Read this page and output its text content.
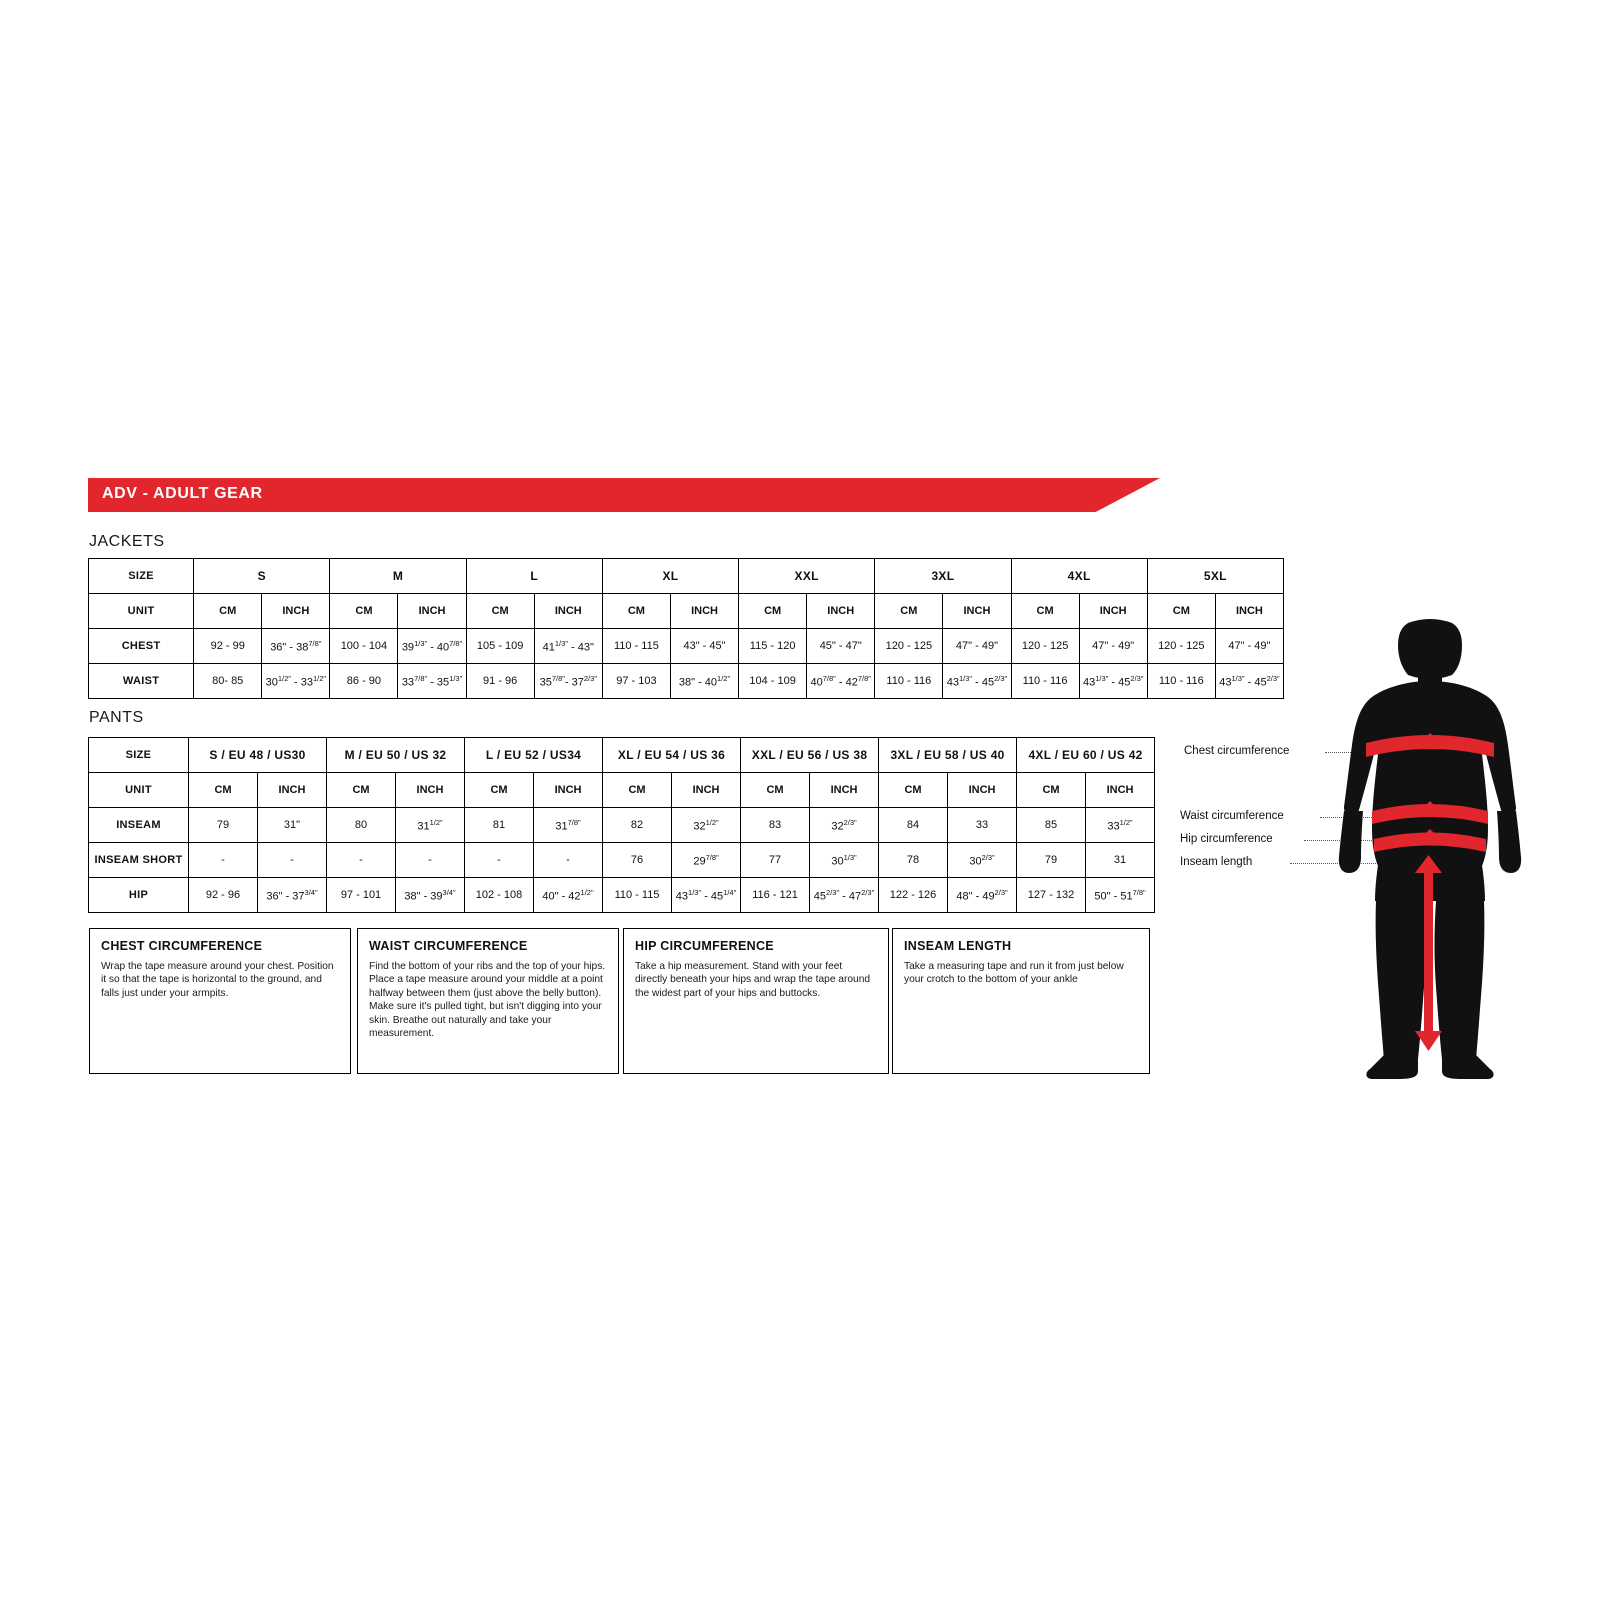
ADV - ADULT GEAR
JACKETS
PANTS
SIZE	S		M		L		XL		XXL		3XL		4XL		5XL	
UNIT	CM	INCH	CM	INCH	CM	INCH	CM	INCH	CM	INCH	CM	INCH	CM	INCH	CM	INCH
CHEST	92 - 99	36" - $38^{7/8"}$	100 - 104	$39^{1/3"} - 40^{7/8"}$	105 - 109	$41^{1/3"} - 43$"	110 - 115	43" - 45"	115 - 120	45" - 47"	120 - 125	47" - 49"	120 - 125	47" - 49"	120 - 125	47" - 49"
WAIST	80- 85	$30^{1/2"} - 33^{1/2"}$	86 - 90	$33^{7/8"} - 35^{1/3"}$	91 - 96	$35^{7/8"}-$ $37^{2/3"}$	97 - 103	38" - $40^{1/2"}$	104 - 109	$40^{7/8"} - 42^{7/8"}$	110 - 116	$43^{1/3"} - 45^{2/3"}$	110 - 116	$43^{1/3"} - 45^{2/3"}$	110 - 116	$43^{1/3"} - 45^{2/3"}$
SIZE	S / EU 48 / US30		M / EU 50 / US 32		L / EU 52 / US34		XL / EU 54 / US 36		XXL / EU 56 / US 38		3XL / EU 58 / US 40		4XL / EU 60 / US 42	
UNIT	CM	INCH	CM	INCH	CM	INCH	CM	INCH	CM	INCH	CM	INCH	CM	INCH
INSEAM	79	31"	80	$31^{1/2"}$	81	$31^{7/8"}$	82	$32^{1/2"}$	83	$32^{2/3"}$	84	33	85	$33^{1/2"}$
INSEAM SHORT	-	-	-	-	-	-	76	$29^{7/8"}$	77	$30^{1/3"}$	78	$30^{2/3"}$	79	31
HIP	92 - 96	36" - $37^{3/4"}$	97 - 101	38" - $39^{3/4"}$	102 - 108	40" - $42^{1/2"}$	110 - 115	$43^{1/3"} - 45^{1/4"}$	116 - 121	$45^{2/3"} - 47^{2/3"}$	122 - 126	48" - $49^{2/3"}$	127 - 132	50" - $51^{7/8"}$
CHEST CIRCUMFERENCE
Wrap the tape measure around your chest. Position it so that the tape is horizontal to the ground, and falls just under your armpits.
WAIST CIRCUMFERENCE
Find the bottom of your ribs and the top of your hips. Place a tape measure around your middle at a point halfway between them (just above the belly button). Make sure it's pulled tight, but isn't digging into your skin. Breathe out naturally and take your measurement.
HIP CIRCUMFERENCE
Take a hip measurement. Stand with your feet directly beneath your hips and wrap the tape around the widest part of your hips and buttocks.
INSEAM LENGTH
Take a measuring tape and run it from just below your crotch to the bottom of your ankle
Chest circumference
Waist circumference
Hip circumference
Inseam length
